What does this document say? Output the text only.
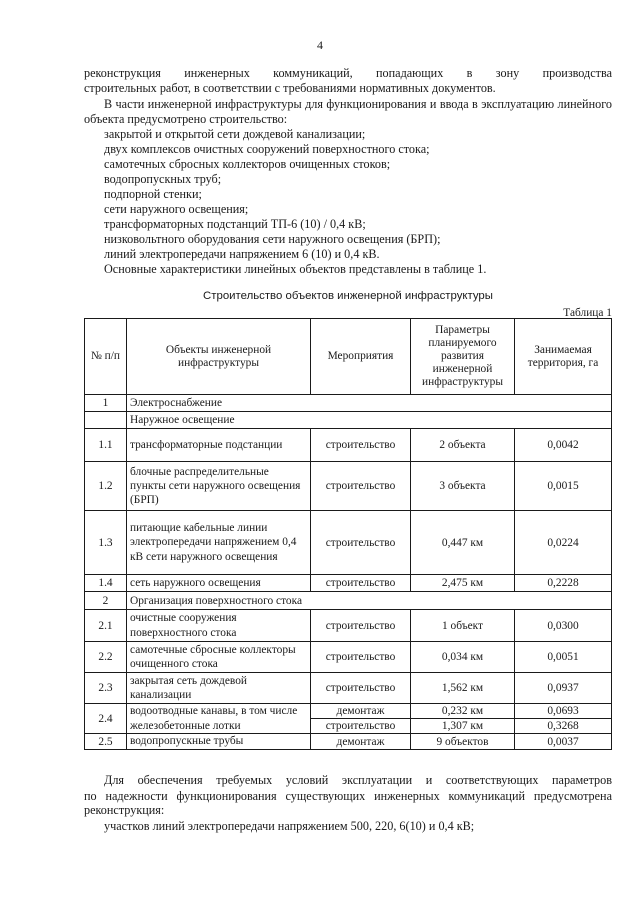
4
реконструкция инженерных коммуникаций, попадающих в зону производства
строительных работ, в соответствии с требованиями нормативных документов.
В части инженерной инфраструктуры для функционирования и ввода в эксплуатацию линейного объекта предусмотрено строительство:
закрытой и открытой сети дождевой канализации;
двух комплексов очистных сооружений поверхностного стока;
самотечных сбросных коллекторов очищенных стоков;
водопропускных труб;
подпорной стенки;
сети наружного освещения;
трансформаторных подстанций ТП-6 (10) / 0,4 кВ;
низковольтного оборудования сети наружного освещения (БРП);
линий электропередачи напряжением 6 (10) и 0,4 кВ.
Основные характеристики линейных объектов представлены в таблице 1.
Строительство объектов инженерной инфраструктуры
Таблица 1
№ п/п	Объекты инженерной инфраструктуры	Мероприятия	Параметры планируемого развития инженерной инфраструктуры	Занимаемая территория, га
1	Электроснабжение			
	Наружное освещение			
1.1	трансформаторные подстанции	строительство	2 объекта	0,0042
1.2	блочные распределительные пункты сети наружного освещения (БРП)	строительство	3 объекта	0,0015
1.3	питающие кабельные линии электропередачи напряжением 0,4 кВ сети наружного освещения	строительство	0,447 км	0,0224
1.4	сеть наружного освещения	строительство	2,475 км	0,2228
2	Организация поверхностного стока			
2.1	очистные сооружения поверхностного стока	строительство	1 объект	0,0300
2.2	самотечные сбросные коллекторы очищенного стока	строительство	0,034 км	0,0051
2.3	закрытая сеть дождевой канализации	строительство	1,562 км	0,0937
2.4	водоотводные канавы, в том числе железобетонные лотки	демонтаж	0,232 км	0,0693
		строительство	1,307 км	0,3268
2.5	водопропускные трубы	демонтаж	9 объектов	0,0037
Для обеспечения требуемых условий эксплуатации и соответствующих параметров
по надежности функционирования существующих инженерных коммуникаций предусмотрена
реконструкция:
участков линий электропередачи напряжением 500, 220, 6(10) и 0,4 кВ;
